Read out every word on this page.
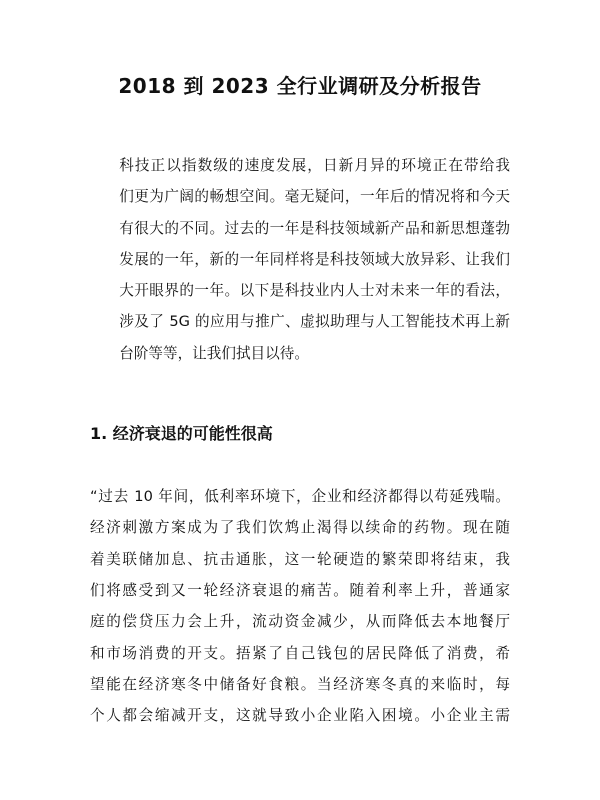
2018 到 2023 全行业调研及分析报告
科技正以指数级的速度发展，日新月异的环境正在带给我
们更为广阔的畅想空间。毫无疑问，一年后的情况将和今天
有很大的不同。过去的一年是科技领域新产品和新思想蓬勃
发展的一年，新的一年同样将是科技领域大放异彩、让我们
大开眼界的一年。以下是科技业内人士对未来一年的看法，
涉及了 5G 的应用与推广、虚拟助理与人工智能技术再上新
台阶等等，让我们拭目以待。
1. 经济衰退的可能性很高
“过去 10 年间，低利率环境下，企业和经济都得以苟延残喘。
经济刺激方案成为了我们饮鸩止渴得以续命的药物。现在随
着美联储加息、抗击通胀，这一轮硬造的繁荣即将结束，我
们将感受到又一轮经济衰退的痛苦。随着利率上升，普通家
庭的偿贷压力会上升，流动资金减少，从而降低去本地餐厅
和市场消费的开支。捂紧了自己钱包的居民降低了消费，希
望能在经济寒冬中储备好食粮。当经济寒冬真的来临时，每
个人都会缩减开支，这就导致小企业陷入困境。小企业主需
